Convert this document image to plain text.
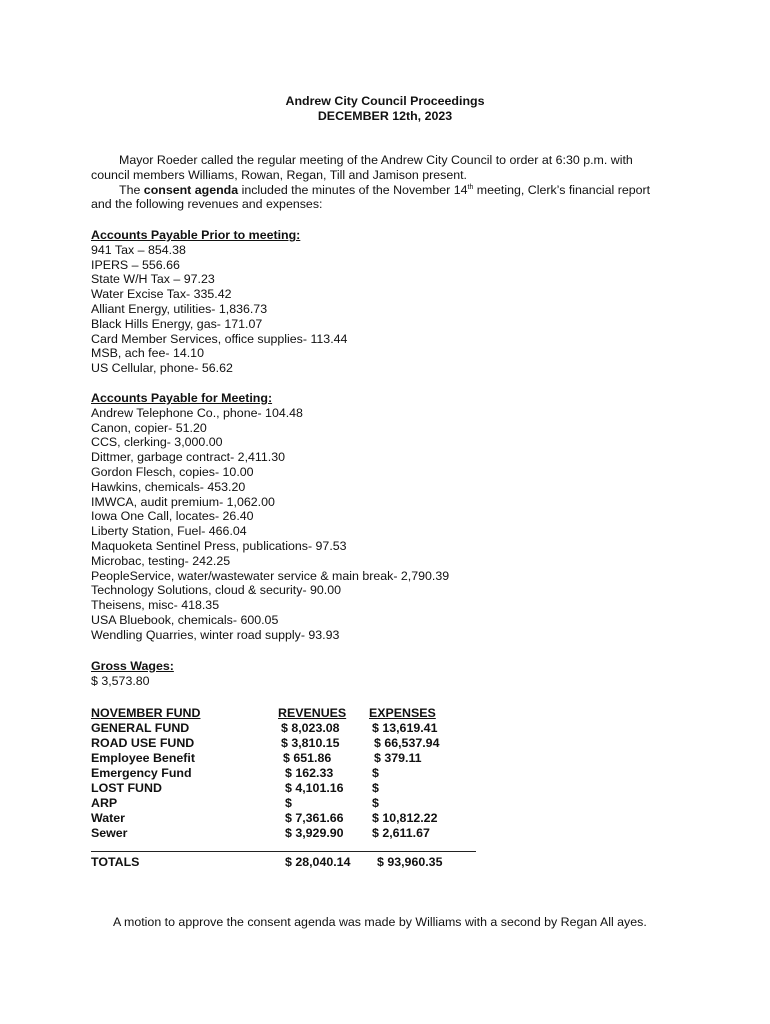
Andrew City Council Proceedings
DECEMBER 12th, 2023
Mayor Roeder called the regular meeting of the Andrew City Council to order at 6:30 p.m. with
council members Williams, Rowan, Regan, Till and Jamison present.
The consent agenda included the minutes of the November 14th meeting, Clerk’s financial report
and the following revenues and expenses:
Accounts Payable Prior to meeting:
941 Tax – 854.38
IPERS – 556.66
State W/H Tax – 97.23
Water Excise Tax- 335.42
Alliant Energy, utilities- 1,836.73
Black Hills Energy, gas- 171.07
Card Member Services, office supplies- 113.44
MSB, ach fee- 14.10
US Cellular, phone- 56.62
Accounts Payable for Meeting:
Andrew Telephone Co., phone- 104.48
Canon, copier- 51.20
CCS, clerking- 3,000.00
Dittmer, garbage contract- 2,411.30
Gordon Flesch, copies- 10.00
Hawkins, chemicals- 453.20
IMWCA, audit premium- 1,062.00
Iowa One Call, locates- 26.40
Liberty Station, Fuel- 466.04
Maquoketa Sentinel Press, publications- 97.53
Microbac, testing- 242.25
PeopleService, water/wastewater service & main break- 2,790.39
Technology Solutions, cloud & security- 90.00
Theisens, misc- 418.35
USA Bluebook, chemicals- 600.05
Wendling Quarries, winter road supply- 93.93
Gross Wages:
$ 3,573.80
NOVEMBER FUND	REVENUES EXPENSES
GENERAL FUND	$ 8,023.08	$ 13,619.41
ROAD USE FUND	$ 3,810.15	$ 66,537.94
Employee Benefit	$ 651.86	$ 379.11
Emergency Fund	$ 162.33	$
LOST FUND	$ 4,101.16 $
ARP	$	$
Water	$ 7,361.66 $ 10,812.22
Sewer	$ 3,929.90 $ 2,611.67
TOTALS	$ 28,040.14 $ 93,960.35
A motion to approve the consent agenda was made by Williams with a second by Regan All ayes.
